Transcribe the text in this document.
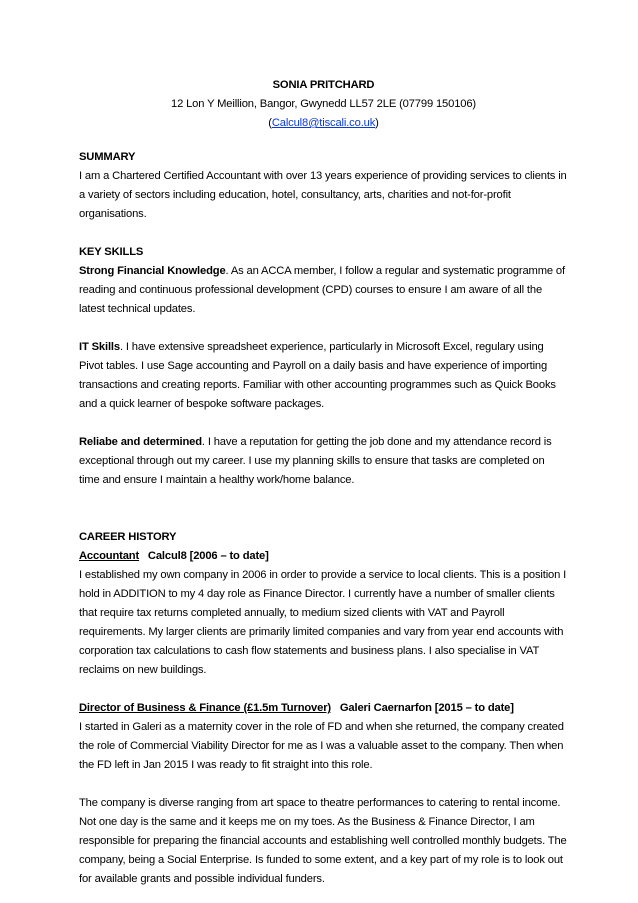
SONIA PRITCHARD
12 Lon Y Meillion, Bangor, Gwynedd LL57 2LE (07799 150106)
(Calcul8@tiscali.co.uk)
SUMMARY

I am a Chartered Certified Accountant with over 13 years experience of providing services to clients in a variety of sectors including education, hotel, consultancy, arts, charities and not-for-profit organisations.

KEY SKILLS

Strong Financial Knowledge. As an ACCA member, I follow a regular and systematic programme of reading and continuous professional development (CPD) courses to ensure I am aware of all the latest technical updates.

IT Skills. I have extensive spreadsheet experience, particularly in Microsoft Excel, regulary using Pivot tables. I use Sage accounting and Payroll on a daily basis and have experience of importing transactions and creating reports. Familiar with other accounting programmes such as Quick Books and a quick learner of bespoke software packages.

Reliabe and determined. I have a reputation for getting the job done and my attendance record is exceptional through out my career. I use my planning skills to ensure that tasks are completed on time and ensure I maintain a healthy work/home balance.

CAREER HISTORY
Accountant Calcul8 [2006 – to date]

I established my own company in 2006 in order to provide a service to local clients. This is a position I hold in ADDITION to my 4 day role as Finance Director. I currently have a number of smaller clients that require tax returns completed annually, to medium sized clients with VAT and Payroll requirements. My larger clients are primarily limited companies and vary from year end accounts with corporation tax calculations to cash flow statements and business plans. I also specialise in VAT reclaims on new buildings.

Director of Business & Finance (£1.5m Turnover) Galeri Caernarfon [2015 – to date]

I started in Galeri as a maternity cover in the role of FD and when she returned, the company created the role of Commercial Viability Director for me as I was a valuable asset to the company. Then when the FD left in Jan 2015 I was ready to fit straight into this role.

The company is diverse ranging from art space to theatre performances to catering to rental income. Not one day is the same and it keeps me on my toes. As the Business & Finance Director, I am responsible for preparing the financial accounts and establishing well controlled monthly budgets. The company, being a Social Enterprise. Is funded to some extent, and a key part of my role is to look out for available grants and possible individual funders.
